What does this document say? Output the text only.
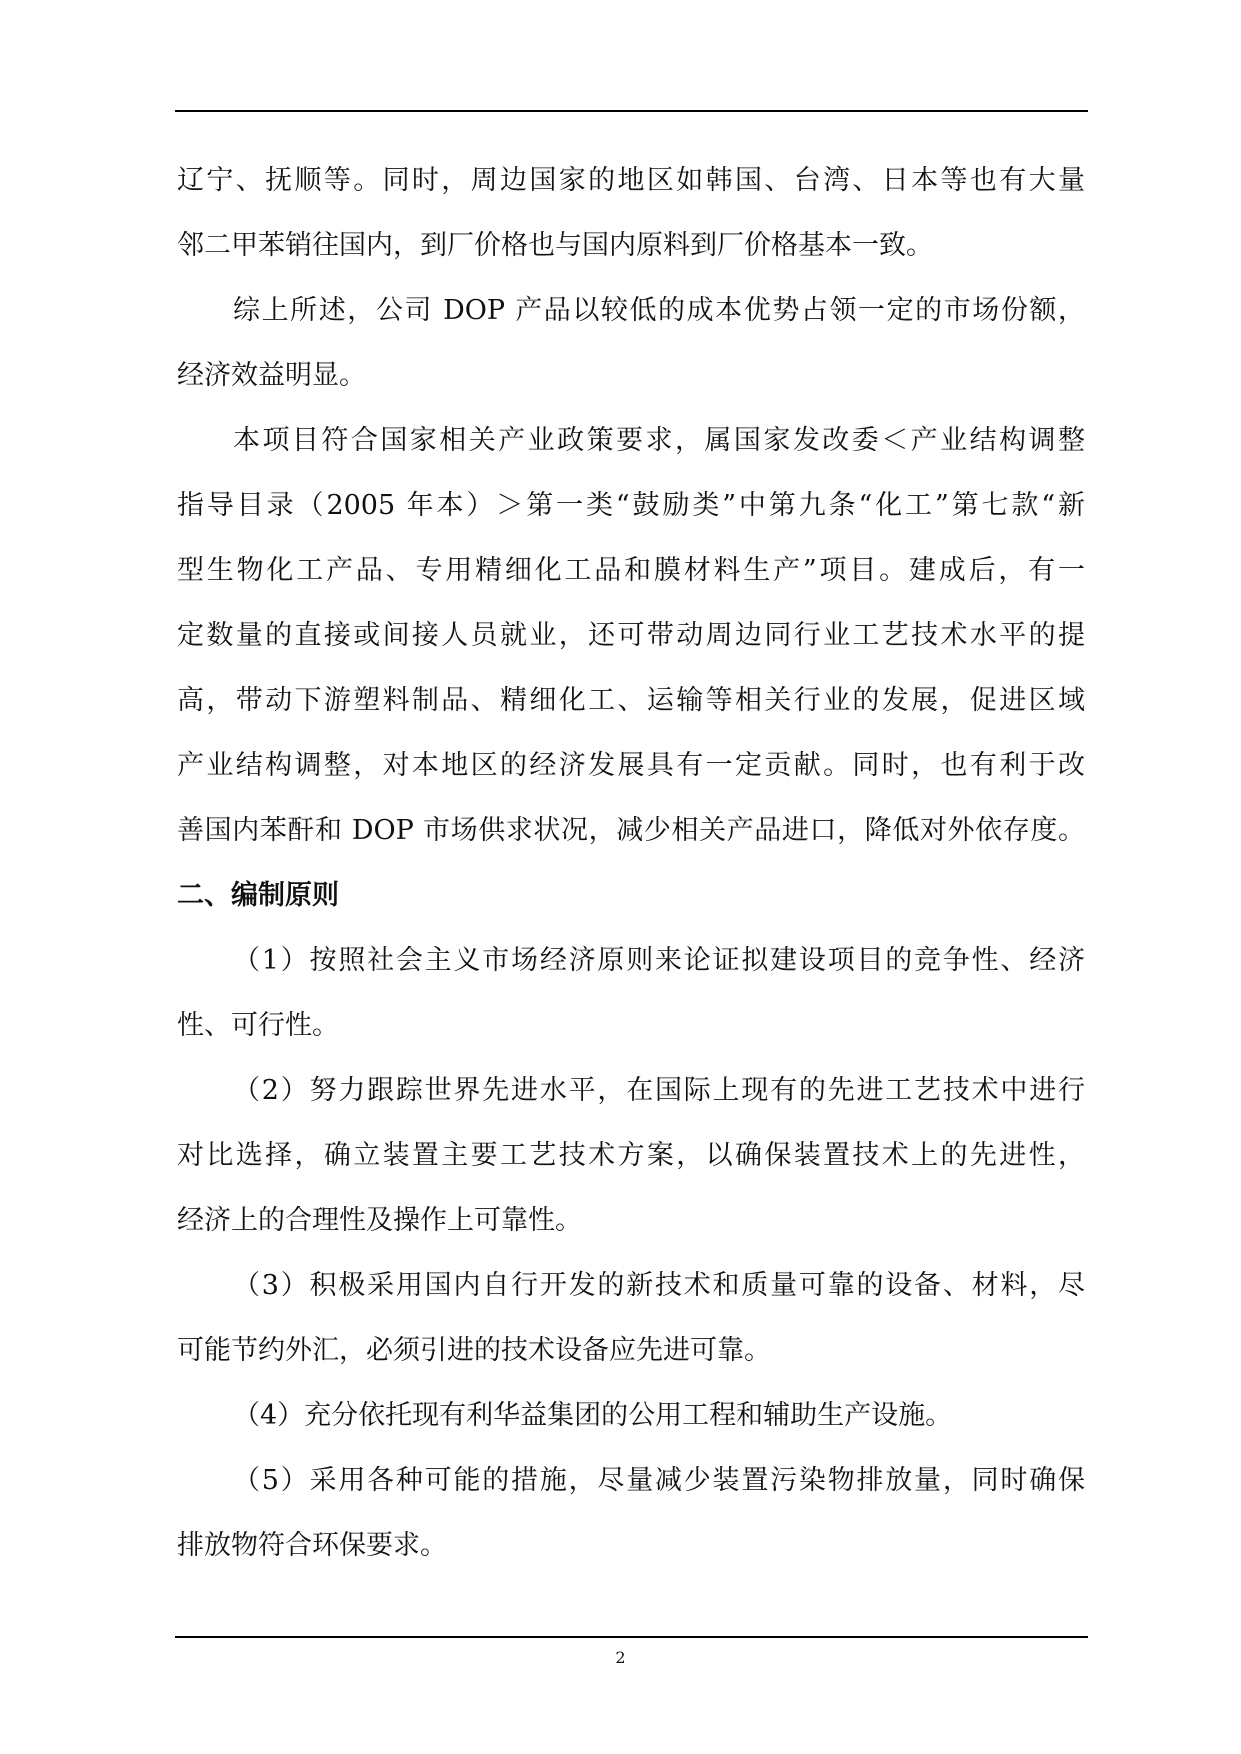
辽宁、抚顺等。同时，周边国家的地区如韩国、台湾、日本等也有大量
邻二甲苯销往国内，到厂价格也与国内原料到厂价格基本一致。
综上所述，公司 DOP 产品以较低的成本优势占领一定的市场份额，
经济效益明显。
本项目符合国家相关产业政策要求，属国家发改委＜产业结构调整
指导目录（2005 年本）＞第一类“鼓励类”中第九条“化工”第七款“新
型生物化工产品、专用精细化工品和膜材料生产”项目。建成后，有一
定数量的直接或间接人员就业，还可带动周边同行业工艺技术水平的提
高，带动下游塑料制品、精细化工、运输等相关行业的发展，促进区域
产业结构调整，对本地区的经济发展具有一定贡献。同时，也有利于改
善国内苯酐和 DOP 市场供求状况，减少相关产品进口，降低对外依存度。
二、编制原则
（1）按照社会主义市场经济原则来论证拟建设项目的竞争性、经济
性、可行性。
（2）努力跟踪世界先进水平，在国际上现有的先进工艺技术中进行
对比选择，确立装置主要工艺技术方案，以确保装置技术上的先进性，
经济上的合理性及操作上可靠性。
（3）积极采用国内自行开发的新技术和质量可靠的设备、材料，尽
可能节约外汇，必须引进的技术设备应先进可靠。
（4）充分依托现有利华益集团的公用工程和辅助生产设施。
（5）采用各种可能的措施，尽量减少装置污染物排放量，同时确保
排放物符合环保要求。
2
